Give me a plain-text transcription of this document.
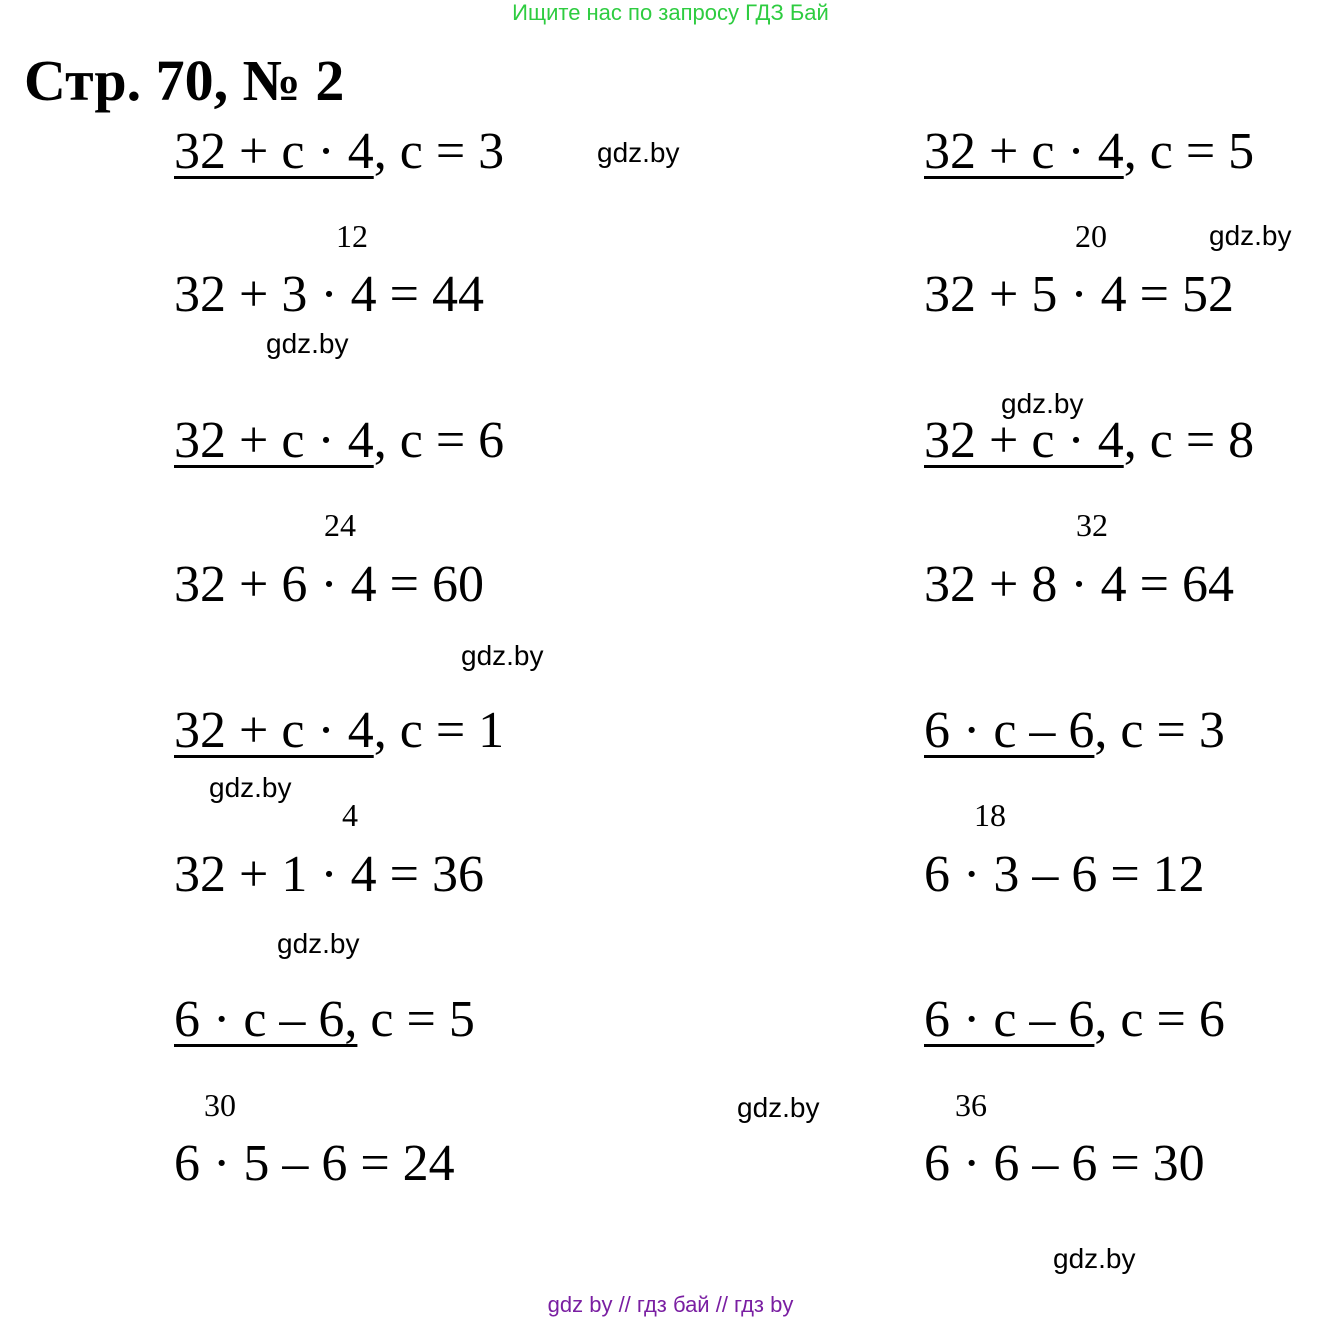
Ищите нас по запросу ГДЗ Бай
Стр. 70, № 2
32 + с · 4, с = 3
12
32 + 3 · 4 = 44
32 + с · 4, с = 6
24
32 + 6 · 4 = 60
32 + с · 4, с = 1
4
32 + 1 · 4 = 36
6 · с – 6, с = 5
30
6 · 5 – 6 = 24
32 + с · 4, с = 5
20
32 + 5 · 4 = 52
32 + с · 4, с = 8
32
32 + 8 · 4 = 64
6 · с – 6, с = 3
18
6 · 3 – 6 = 12
6 · с – 6, с = 6
36
6 · 6 – 6 = 30
gdz.by
gdz.by
gdz.by
gdz.by
gdz.by
gdz.by
gdz.by
gdz.by
gdz.by
gdz by // гдз бай // гдз by
